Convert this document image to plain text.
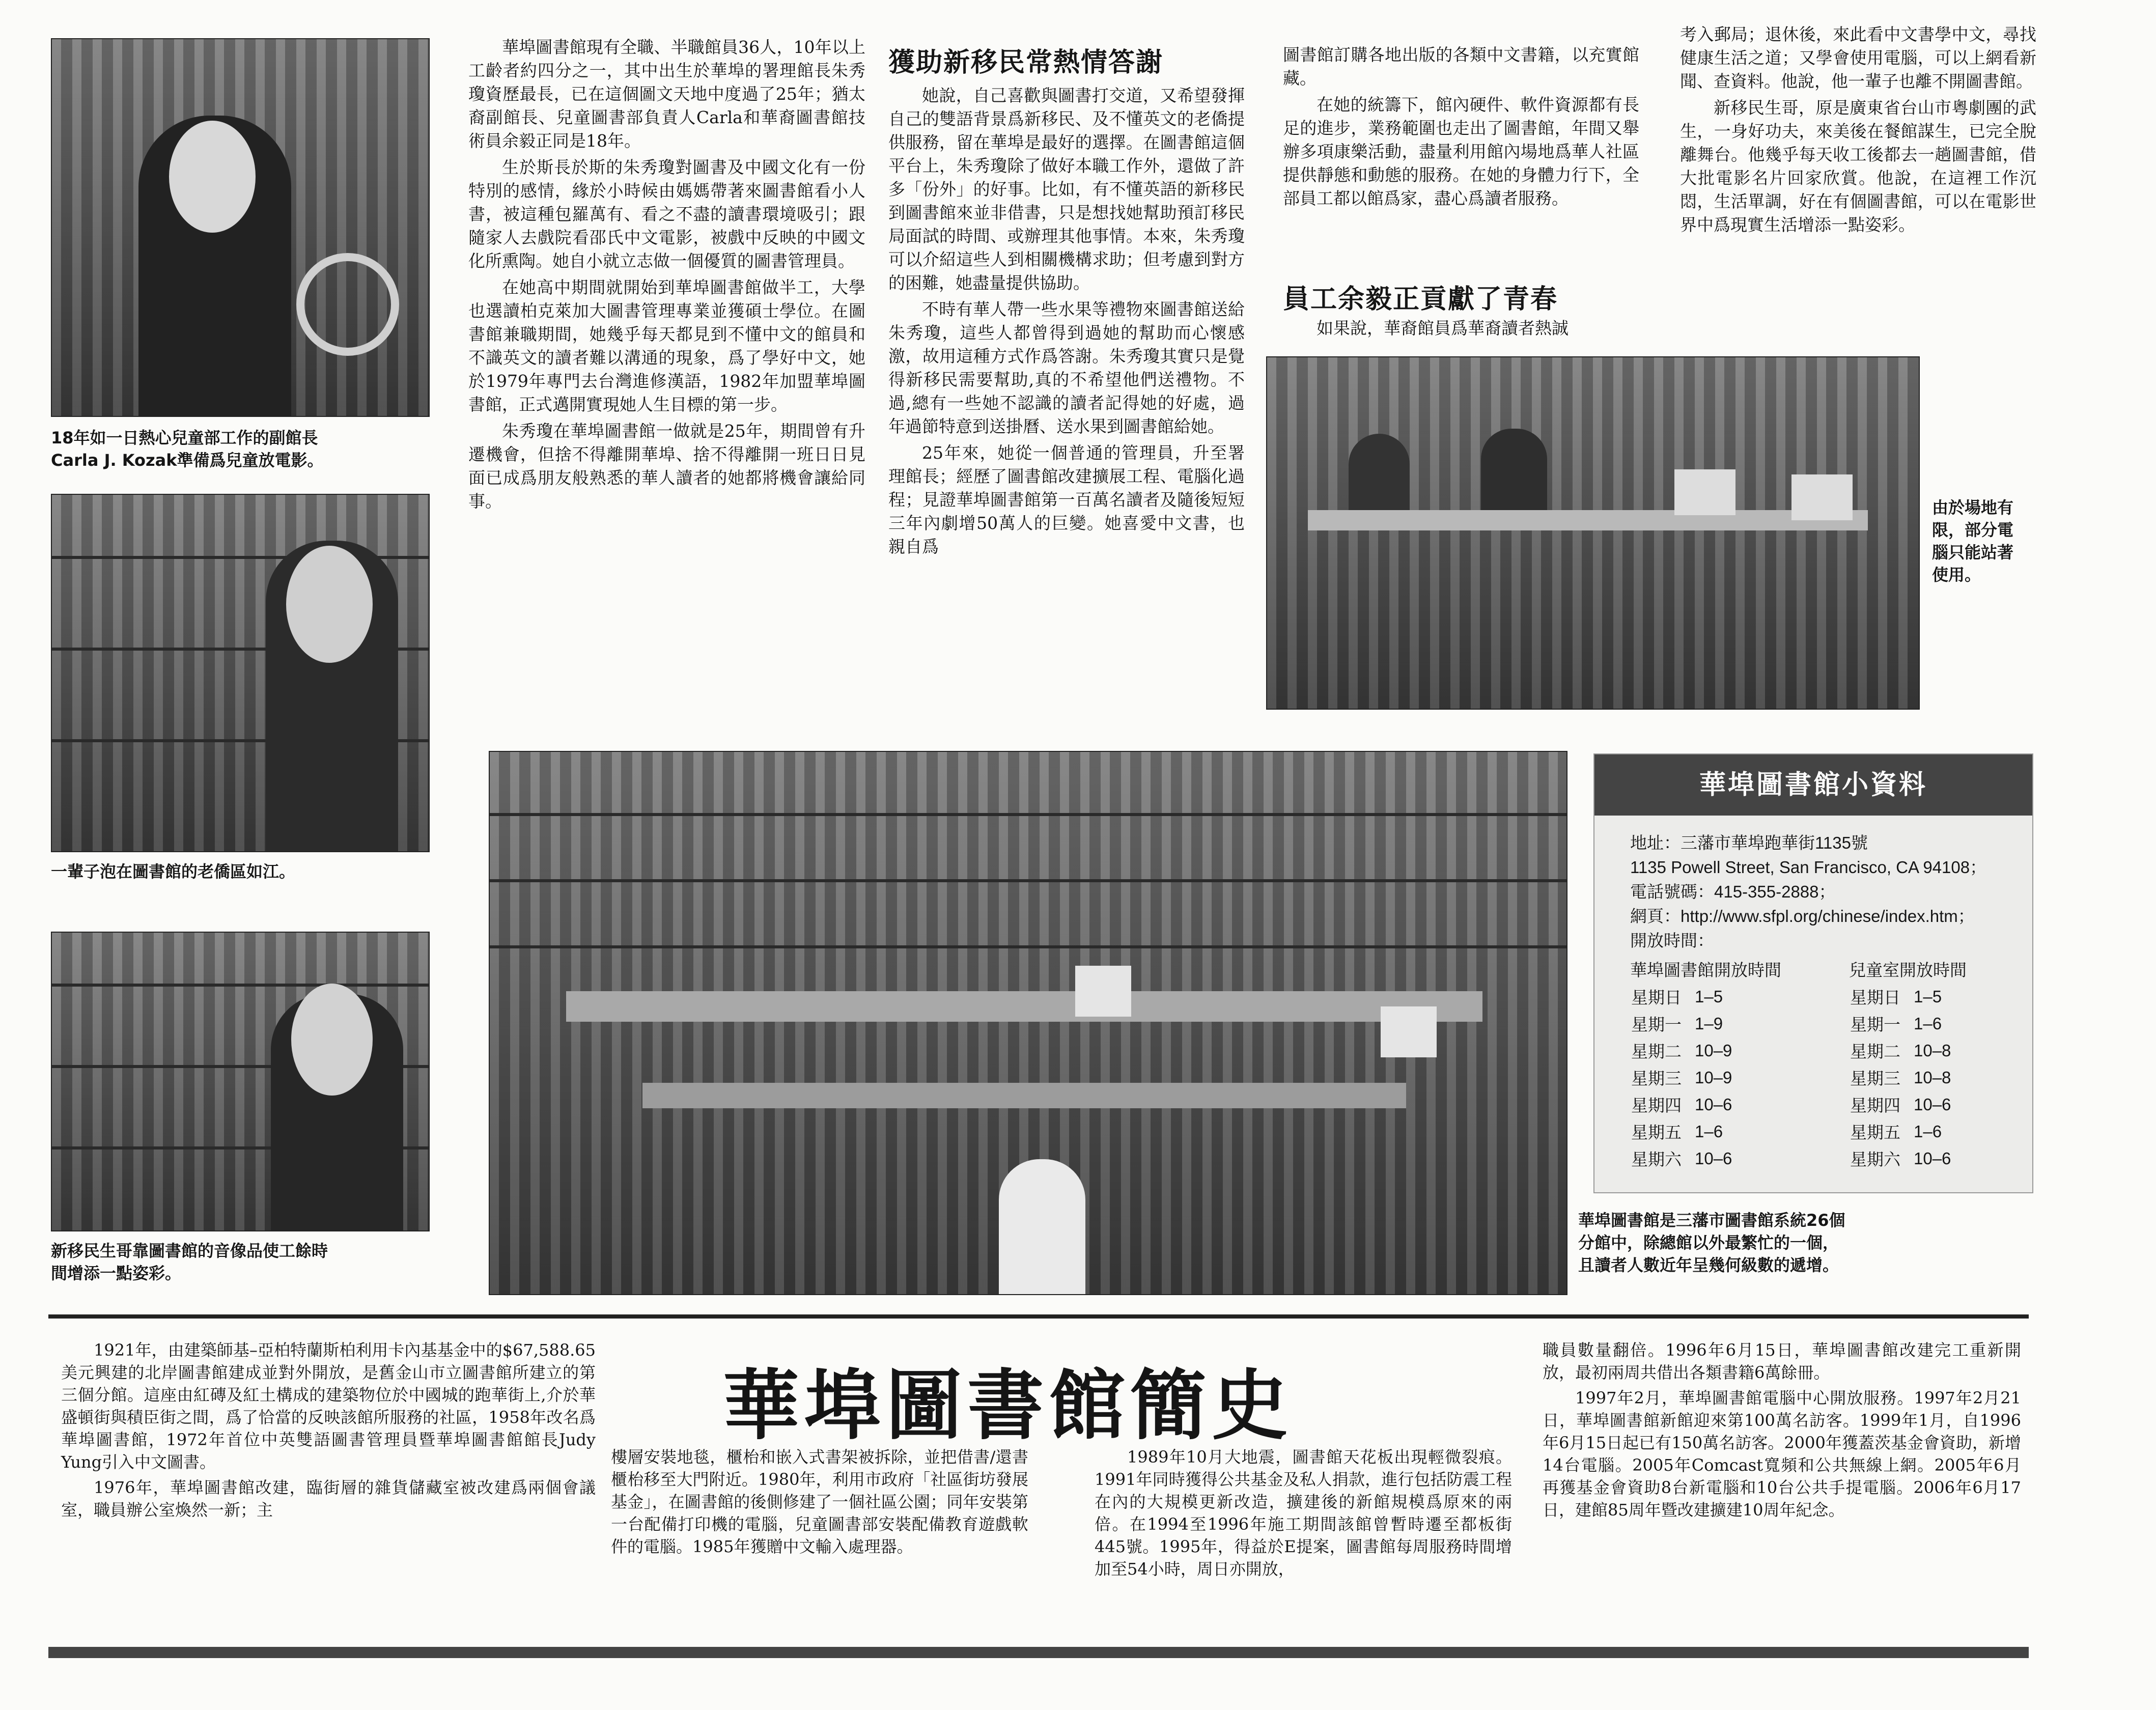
18年如一日熱心兒童部工作的副館長
Carla J. Kozak準備爲兒童放電影。
一輩子泡在圖書館的老僑區如江。
新移民生哥靠圖書館的音像品使工餘時
間增添一點姿彩。

華埠圖書館現有全職、半職館員36人，10年以上工齡者約四分之一，其中出生於華埠的署理館長朱秀瓊資歷最長，已在這個圖文天地中度過了25年；猶太裔副館長、兒童圖書部負責人Carla和華裔圖書館技術員余毅正同是18年。

生於斯長於斯的朱秀瓊對圖書及中國文化有一份特別的感情，緣於小時候由媽媽帶著來圖書館看小人書，被這種包羅萬有、看之不盡的讀書環境吸引；跟隨家人去戲院看邵氏中文電影，被戲中反映的中國文化所熏陶。她自小就立志做一個優質的圖書管理員。

在她高中期間就開始到華埠圖書館做半工，大學也選讀柏克萊加大圖書管理專業並獲碩士學位。在圖書館兼職期間，她幾乎每天都見到不懂中文的館員和不識英文的讀者難以溝通的現象，爲了學好中文，她於1979年專門去台灣進修漢語，1982年加盟華埠圖書館，正式邁開實現她人生目標的第一步。

朱秀瓊在華埠圖書館一做就是25年，期間曾有升遷機會，但捨不得離開華埠、捨不得離開一班日日見面已成爲朋友般熟悉的華人讀者的她都將機會讓給同事。

獲助新移民常熱情答謝

她說，自己喜歡與圖書打交道，又希望發揮自己的雙語背景爲新移民、及不懂英文的老僑提供服務，留在華埠是最好的選擇。在圖書館這個平台上，朱秀瓊除了做好本職工作外，還做了許多「份外」的好事。比如，有不懂英語的新移民到圖書館來並非借書，只是想找她幫助預訂移民局面試的時間、或辦理其他事情。本來，朱秀瓊可以介紹這些人到相關機構求助；但考慮到對方的困難，她盡量提供協助。

不時有華人帶一些水果等禮物來圖書館送給朱秀瓊，這些人都曾得到過她的幫助而心懷感激，故用這種方式作爲答謝。朱秀瓊其實只是覺得新移民需要幫助,真的不希望他們送禮物。不過,總有一些她不認識的讀者記得她的好處，過年過節特意到送掛曆、送水果到圖書館給她。

25年來，她從一個普通的管理員，升至署理館長；經歷了圖書館改建擴展工程、電腦化過程；見證華埠圖書館第一百萬名讀者及隨後短短三年內劇增50萬人的巨變。她喜愛中文書，也親自爲

圖書館訂購各地出版的各類中文書籍，以充實館藏。

在她的統籌下，館內硬件、軟件資源都有長足的進步，業務範圍也走出了圖書館，年間又舉辦多項康樂活動，盡量利用館內場地爲華人社區提供靜態和動態的服務。在她的身體力行下，全部員工都以館爲家，盡心爲讀者服務。

員工余毅正貢獻了青春

如果說，華裔館員爲華裔讀者熱誠

考入郵局；退休後，來此看中文書學中文，尋找健康生活之道；又學會使用電腦，可以上網看新聞、查資料。他說，他一輩子也離不開圖書館。

新移民生哥，原是廣東省台山市粵劇團的武生，一身好功夫，來美後在餐館謀生，已完全脫離舞台。他幾乎每天收工後都去一趟圖書館，借大批電影名片回家欣賞。他說，在這裡工作沉悶，生活單調，好在有個圖書館，可以在電影世界中爲現實生活增添一點姿彩。

由於場地有
限，部分電
腦只能站著
使用。
華埠圖書館是三藩市圖書館系統26個
分館中，除總館以外最繁忙的一個，
且讀者人數近年呈幾何級數的遞增。
華埠圖書館小資料
地址：三藩市華埠跑華街1135號
1135 Powell Street, San Francisco, CA 94108；
電話號碼：415-355-2888；
網頁：http://www.sfpl.org/chinese/index.htm；
開放時間：
華埠圖書館開放時間
星期日	1–5
星期一	1–9
星期二	10–9
星期三	10–9
星期四	10–6
星期五	1–6
星期六	10–6
兒童室開放時間
星期日	1–5
星期一	1–6
星期二	10–8
星期三	10–8
星期四	10–6
星期五	1–6
星期六	10–6

1921年，由建築師基–亞柏特蘭斯柏利用卡內基基金中的$67,588.65美元興建的北岸圖書館建成並對外開放，是舊金山市立圖書館所建立的第三個分館。這座由紅磚及紅土構成的建築物位於中國城的跑華街上,介於華盛頓街與積臣街之間，爲了恰當的反映該館所服務的社區，1958年改名爲華埠圖書館，1972年首位中英雙語圖書管理員暨華埠圖書館館長Judy Yung引入中文圖書。

1976年，華埠圖書館改建，臨街層的雜貨儲藏室被改建爲兩個會議室，職員辦公室煥然一新；主

華埠圖書館簡史

樓層安裝地毯，櫃枱和嵌入式書架被拆除，並把借書/還書櫃枱移至大門附近。1980年，利用市政府「社區街坊發展基金」，在圖書館的後側修建了一個社區公園；同年安裝第一台配備打印機的電腦，兒童圖書部安裝配備教育遊戲軟件的電腦。1985年獲贈中文輸入處理器。

1989年10月大地震，圖書館天花板出現輕微裂痕。1991年同時獲得公共基金及私人捐款，進行包括防震工程在內的大規模更新改造，擴建後的新館規模爲原來的兩倍。在1994至1996年施工期間該館曾暫時遷至都板街445號。1995年，得益於E提案，圖書館每周服務時間增加至54小時，周日亦開放，

職員數量翻倍。1996年6月15日，華埠圖書館改建完工重新開放，最初兩周共借出各類書籍6萬餘冊。

1997年2月，華埠圖書館電腦中心開放服務。1997年2月21日，華埠圖書館新館迎來第100萬名訪客。1999年1月，自1996年6月15日起已有150萬名訪客。2000年獲蓋茨基金會資助，新增14台電腦。2005年Comcast寬頻和公共無線上網。2005年6月再獲基金會資助8台新電腦和10台公共手提電腦。2006年6月17日，建館85周年暨改建擴建10周年紀念。
